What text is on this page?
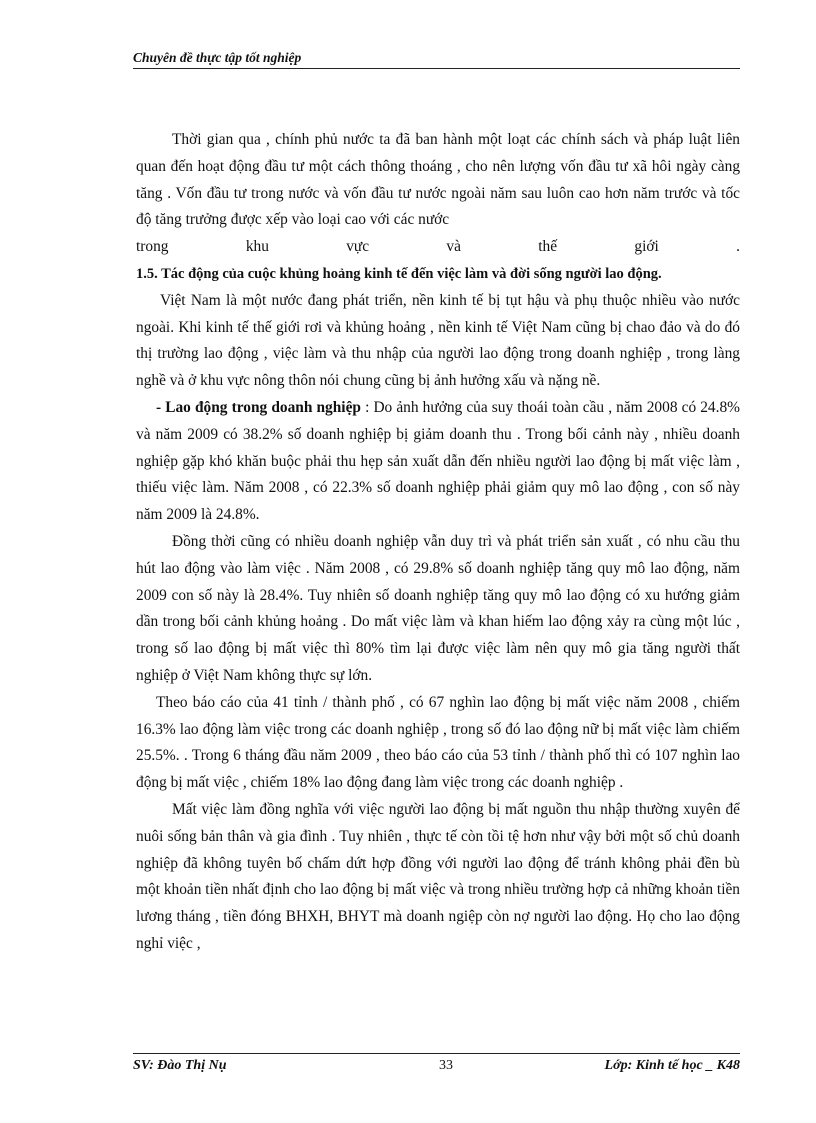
Chuyên đề thực tập tốt nghiệp

Thời gian qua , chính phủ nước ta đã ban hành một loạt các chính sách và pháp luật liên quan đến hoạt động đầu tư một cách thông thoáng , cho nên lượng vốn đầu tư xã hôi ngày càng tăng . Vốn đầu tư trong nước và vốn đầu tư nước ngoài năm sau luôn cao hơn năm trước và tốc độ tăng trưởng được xếp vào loại cao với các nước

trong	khu	vực	và	thế	giới	.
1.5. Tác động của cuộc khủng hoảng kinh tế đến việc làm và đời sống người lao động.

Việt Nam là một nước đang phát triển, nền kinh tế bị tụt hậu và phụ thuộc nhiều vào nước ngoài. Khi kinh tế thế giới rơi và khủng hoảng , nền kinh tế Việt Nam cũng bị chao đảo và do đó thị trường lao động , việc làm và thu nhập của người lao động trong doanh nghiệp , trong làng nghề và ở khu vực nông thôn nói chung cũng bị ảnh hưởng xấu và nặng nề.

- Lao động trong doanh nghiệp : Do ảnh hưởng của suy thoái toàn cầu , năm 2008 có 24.8% và năm 2009 có 38.2% số doanh nghiệp bị giảm doanh thu . Trong bối cảnh này , nhiều doanh nghiệp gặp khó khăn buộc phải thu hẹp sản xuất dẫn đến nhiều người lao động bị mất việc làm , thiếu việc làm. Năm 2008 , có 22.3% số doanh nghiệp phải giảm quy mô lao động , con số này năm 2009 là 24.8%.

Đồng thời cũng có nhiều doanh nghiệp vẫn duy trì và phát triển sản xuất , có nhu cầu thu hút lao động vào làm việc . Năm 2008 , có 29.8% số doanh nghiệp tăng quy mô lao động, năm 2009 con số này là 28.4%. Tuy nhiên số doanh nghiệp tăng quy mô lao động có xu hướng giảm dần trong bối cảnh khủng hoảng . Do mất việc làm và khan hiếm lao động xảy ra cùng một lúc , trong số lao động bị mất việc thì 80% tìm lại được việc làm nên quy mô gia tăng người thất nghiệp ở Việt Nam không thực sự lớn.

Theo báo cáo của 41 tỉnh / thành phố , có 67 nghìn lao động bị mất việc năm 2008 , chiếm 16.3% lao động làm việc trong các doanh nghiệp , trong số đó lao động nữ bị mất việc làm chiếm 25.5%. . Trong 6 tháng đầu năm 2009 , theo báo cáo của 53 tỉnh / thành phố thì có 107 nghìn lao động bị mất việc , chiếm 18% lao động đang làm việc trong các doanh nghiệp .

Mất việc làm đồng nghĩa với việc người lao động bị mất nguồn thu nhập thường xuyên để nuôi sống bản thân và gia đình . Tuy nhiên , thực tế còn tồi tệ hơn như vậy bởi một số chủ doanh nghiệp đã không tuyên bố chấm dứt hợp đồng với người lao động để tránh không phải đền bù một khoản tiền nhất định cho lao động bị mất việc và trong nhiều trường hợp cả những khoản tiền lương tháng , tiền đóng BHXH, BHYT mà doanh ngiệp còn nợ người lao động. Họ cho lao động nghỉ việc ,

SV: Đào Thị Nụ	33	Lớp: Kinh tế học _ K48
